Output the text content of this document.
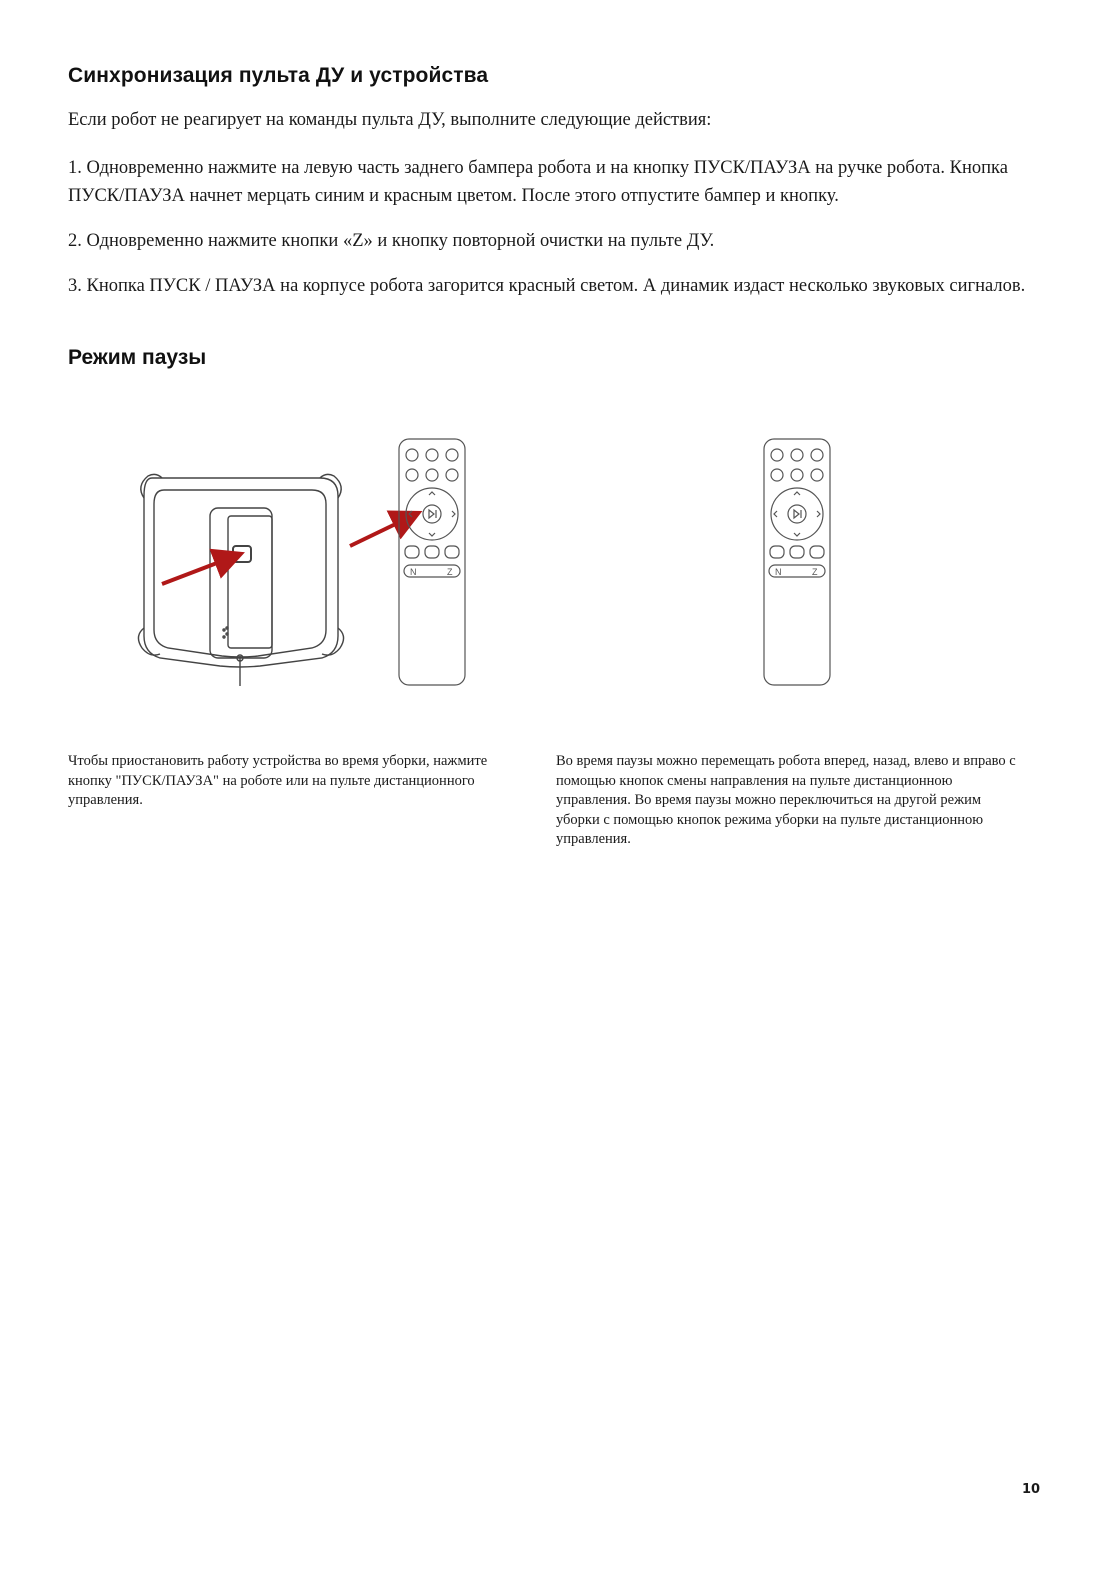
Синхронизация пульта ДУ и устройства
Если робот не реагирует на команды пульта ДУ, выполните следующие действия:
1. Одновременно нажмите на левую часть заднего бампера робота и на кнопку ПУСК/ПАУЗА на ручке робота. Кнопка ПУСК/ПАУЗА начнет мерцать синим и красным цветом. После этого отпустите бампер и кнопку.
2. Одновременно нажмите кнопки «Z» и кнопку повторной очистки на пульте ДУ.
3. Кнопка ПУСК / ПАУЗА на корпусе робота загорится красный светом. А динамик издаст несколько звуковых сигналов.
Режим паузы
N	Z	N	Z
Чтобы приостановить работу устройства во время уборки, нажмите кнопку "ПУСК/ПАУЗА" на роботе или на пульте дистанционного управления.
Во время паузы можно перемещать робота вперед, назад, влево и вправо с помощью кнопок смены направления на пульте дистанционною управления. Во время паузы можно переключиться на другой режим уборки с помощью кнопок режима уборки на пульте дистанционною управления.
10
